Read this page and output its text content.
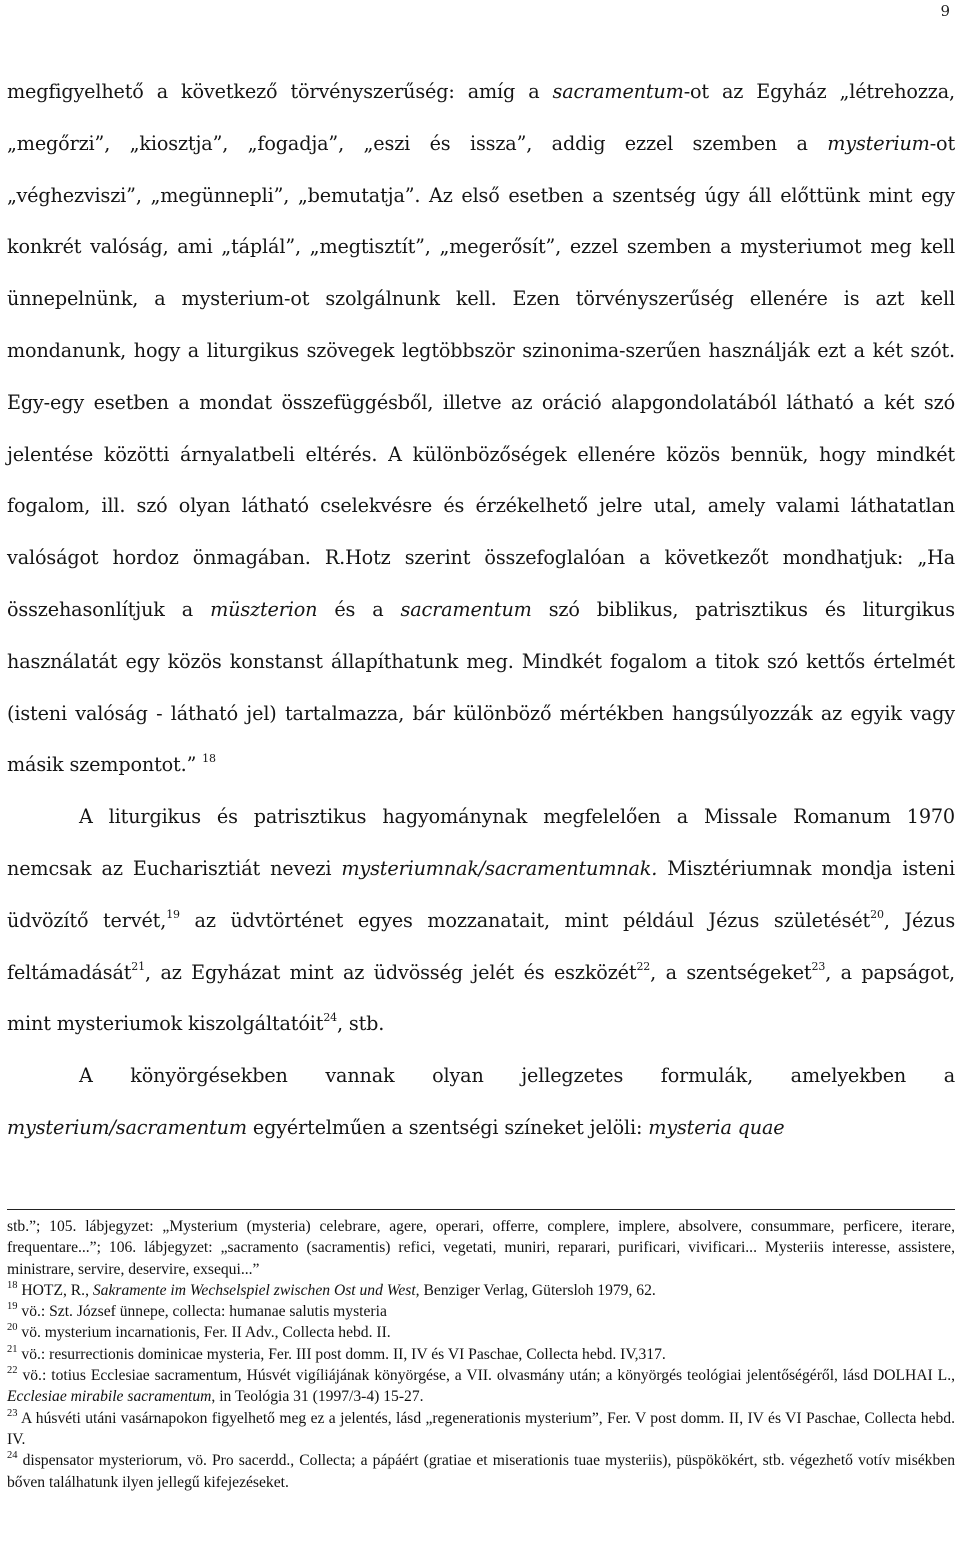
9

megfigyelhető a következő törvényszerűség: amíg a sacramentum-ot az Egyház „létrehozza, „megőrzi”, „kiosztja”, „fogadja”, „eszi és issza”, addig ezzel szemben a mysterium-ot „véghezviszi”, „megünnepli”, „bemutatja”. Az első esetben a szentség úgy áll előttünk mint egy konkrét valóság, ami „táplál”, „megtisztít”, „megerősít”, ezzel szemben a mysteriumot meg kell ünnepelnünk, a mysterium-ot szolgálnunk kell. Ezen törvényszerűség ellenére is azt kell mondanunk, hogy a liturgikus szövegek legtöbbször szinonima-szerűen használják ezt a két szót. Egy-egy esetben a mondat összefüggésből, illetve az oráció alapgondolatából látható a két szó jelentése közötti árnyalatbeli eltérés. A különbözőségek ellenére közös bennük, hogy mindkét fogalom, ill. szó olyan látható cselekvésre és érzékelhető jelre utal, amely valami láthatatlan valóságot hordoz önmagában. R.Hotz szerint összefoglalóan a következőt mondhatjuk: „Ha összehasonlítjuk a müszterion és a sacramentum szó biblikus, patrisztikus és liturgikus használatát egy közös konstanst állapíthatunk meg. Mindkét fogalom a titok szó kettős értelmét (isteni valóság - látható jel) tartalmazza, bár különböző mértékben hangsúlyozzák az egyik vagy másik szempontot.” $^{18}$

A liturgikus és patrisztikus hagyománynak megfelelően a Missale Romanum 1970 nemcsak az Eucharisztiát nevezi mysteriumnak/sacramentumnak. Misztériumnak mondja isteni üdvözítő tervét,$^{19}$ az üdvtörténet egyes mozzanatait, mint például Jézus születését$^{20}$, Jézus feltámadását$^{21}$, az Egyházat mint az üdvösség jelét és eszközét$^{22}$, a szentségeket$^{23}$, a papságot, mint mysteriumok kiszolgáltatóit$^{24}$, stb.

A könyörgésekben vannak olyan jellegzetes formulák, amelyekben a mysterium/sacramentum egyértelműen a szentségi színeket jelöli: mysteria quae

stb.”; 105. lábjegyzet: „Mysterium (mysteria) celebrare, agere, operari, offerre, complere, implere, absolvere, consummare, perficere, iterare, frequentare...”; 106. lábjegyzet: „sacramento (sacramentis) refici, vegetati, muniri, reparari, purificari, vivificari... Mysteriis interesse, assistere, ministrare, servire, deservire, exsequi...”

$^{18}$ HOTZ, R., Sakramente im Wechselspiel zwischen Ost und West, Benziger Verlag, Gütersloh 1979, 62.

$^{19}$ vö.: Szt. József ünnepe, collecta: humanae salutis mysteria

$^{20}$ vö. mysterium incarnationis, Fer. II Adv., Collecta hebd. II.

$^{21}$ vö.: resurrectionis dominicae mysteria, Fer. III post domm. II, IV és VI Paschae, Collecta hebd. IV,317.

$^{22}$ vö.: totius Ecclesiae sacramentum, Húsvét vigíliájának könyörgése, a VII. olvasmány után; a könyörgés teológiai jelentőségéről, lásd DOLHAI L., Ecclesiae mirabile sacramentum, in Teológia 31 (1997/3-4) 15-27.

$^{23}$ A húsvéti utáni vasárnapokon figyelhető meg ez a jelentés, lásd „regenerationis mysterium”, Fer. V post domm. II, IV és VI Paschae, Collecta hebd. IV.

$^{24}$ dispensator mysteriorum, vö. Pro sacerdd., Collecta; a pápáért (gratiae et miserationis tuae mysteriis), püspökökért, stb. végezhető votív misékben bőven találhatunk ilyen jellegű kifejezéseket.
